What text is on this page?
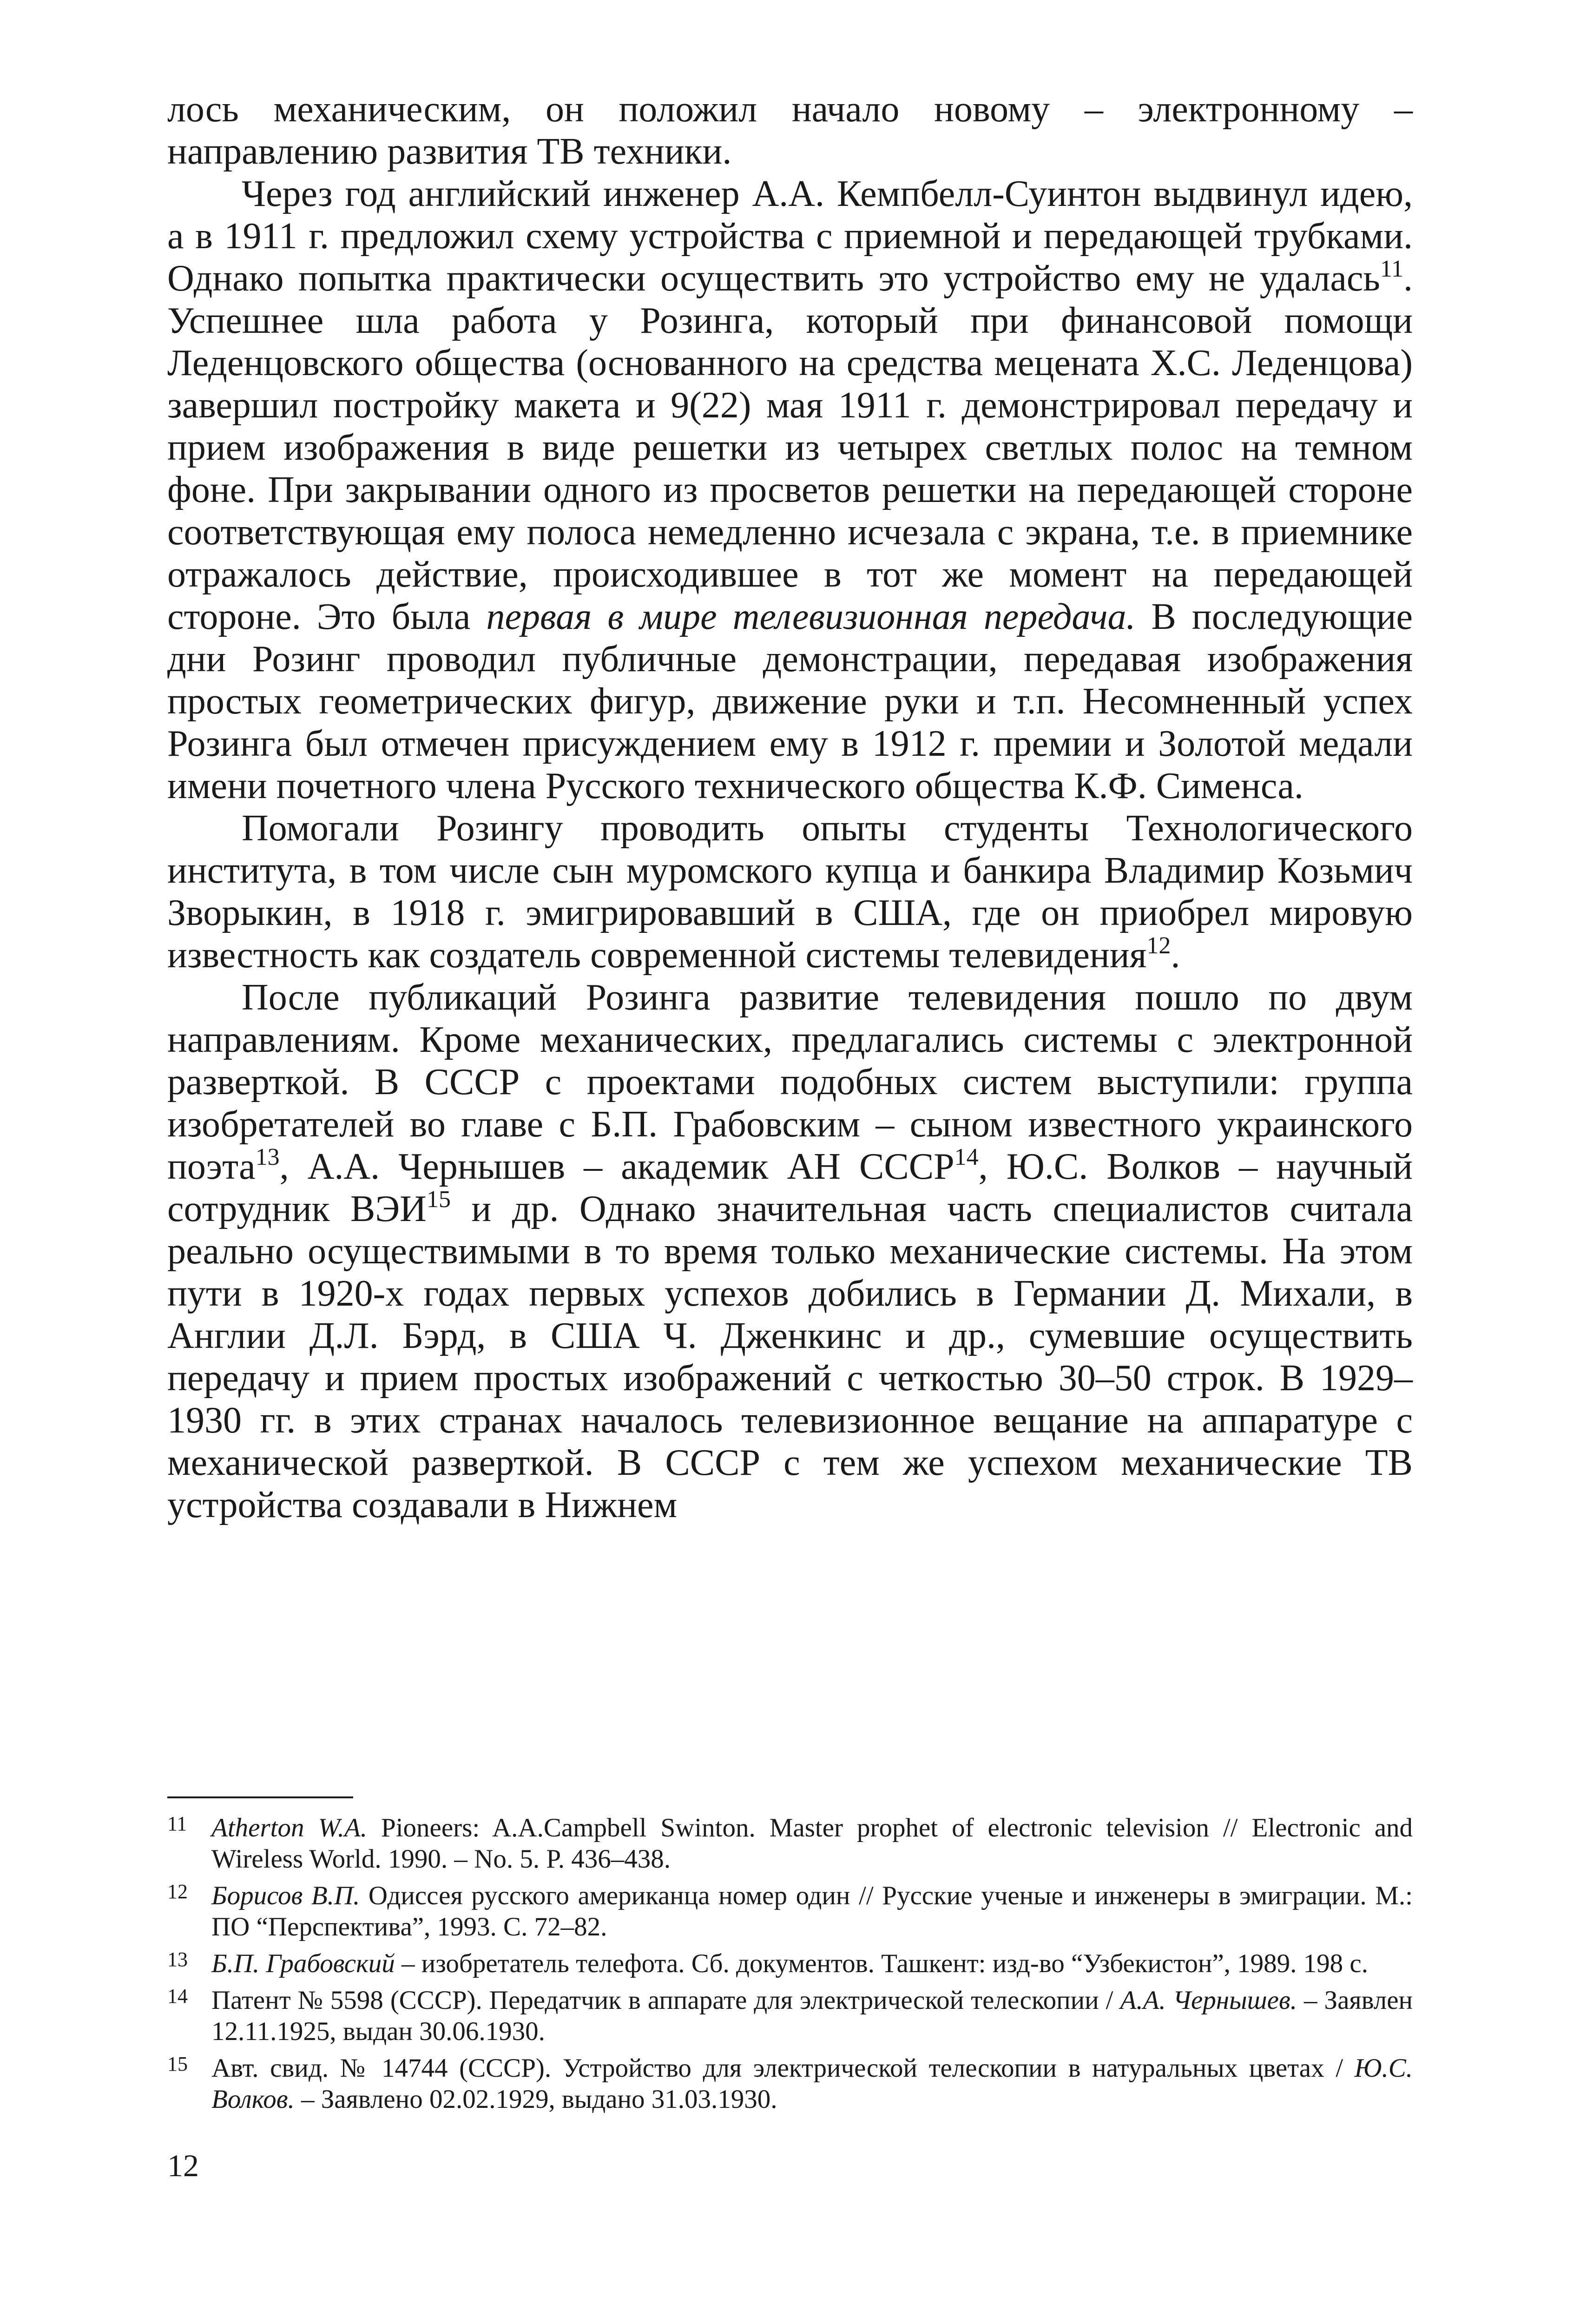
лось механическим, он положил начало новому – электронному – направлению развития ТВ техники.

Через год английский инженер А.А. Кемпбелл-Суинтон выдвинул идею, а в 1911 г. предложил схему устройства с приемной и передающей трубками. Однако попытка практически осуществить это устройство ему не удалась$^{11}$. Успешнее шла работа у Розинга, который при финансовой помощи Леденцовского общества (основанного на средства мецената Х.С. Леденцова) завершил постройку макета и 9(22) мая 1911 г. демонстрировал передачу и прием изображения в виде решетки из четырех светлых полос на темном фоне. При закрывании одного из просветов решетки на передающей стороне соответствующая ему полоса немедленно исчезала с экрана, т.е. в приемнике отражалось действие, происходившее в тот же момент на передающей стороне. Это была первая в мире телевизионная передача. В последующие дни Розинг проводил публичные демонстрации, передавая изображения простых геометрических фигур, движение руки и т.п. Несомненный успех Розинга был отмечен присуждением ему в 1912 г. премии и Золотой медали имени почетного члена Русского технического общества К.Ф. Сименса.

Помогали Розингу проводить опыты студенты Технологического института, в том числе сын муромского купца и банкира Владимир Козьмич Зворыкин, в 1918 г. эмигрировавший в США, где он приобрел мировую известность как создатель современной системы телевидения$^{12}$.

После публикаций Розинга развитие телевидения пошло по двум направлениям. Кроме механических, предлагались системы с электронной разверткой. В СССР с проектами подобных систем выступили: группа изобретателей во главе с Б.П. Грабовским – сыном известного украинского поэта$^{13}$, А.А. Чернышев – академик АН СССР$^{14}$, Ю.С. Волков – научный сотрудник ВЭИ$^{15}$ и др. Однако значительная часть специалистов считала реально осуществимыми в то время только механические системы. На этом пути в 1920-х годах первых успехов добились в Германии Д. Михали, в Англии Д.Л. Бэрд, в США Ч. Дженкинс и др., сумевшие осуществить передачу и прием простых изображений с четкостью 30–50 строк. В 1929–1930 гг. в этих странах началось телевизионное вещание на аппаратуре с механической разверткой. В СССР с тем же успехом механические ТВ устройства создавали в Нижнем

11 Atherton W.A. Pioneers: A.A.Campbell Swinton. Master prophet of electronic television // Electronic and Wireless World. 1990. – No. 5. P. 436–438.
12 Борисов В.П. Одиссея русского американца номер один // Русские ученые и инженеры в эмиграции. М.: ПО “Перспектива”, 1993. С. 72–82.
13 Б.П. Грабовский – изобретатель телефота. Сб. документов. Ташкент: изд-во “Узбекистон”, 1989. 198 с.
14 Патент № 5598 (СССР). Передатчик в аппарате для электрической телескопии / А.А. Чернышев. – Заявлен 12.11.1925, выдан 30.06.1930.
15 Авт. свид. № 14744 (СССР). Устройство для электрической телескопии в натуральных цветах / Ю.С. Волков. – Заявлено 02.02.1929, выдано 31.03.1930.
12
